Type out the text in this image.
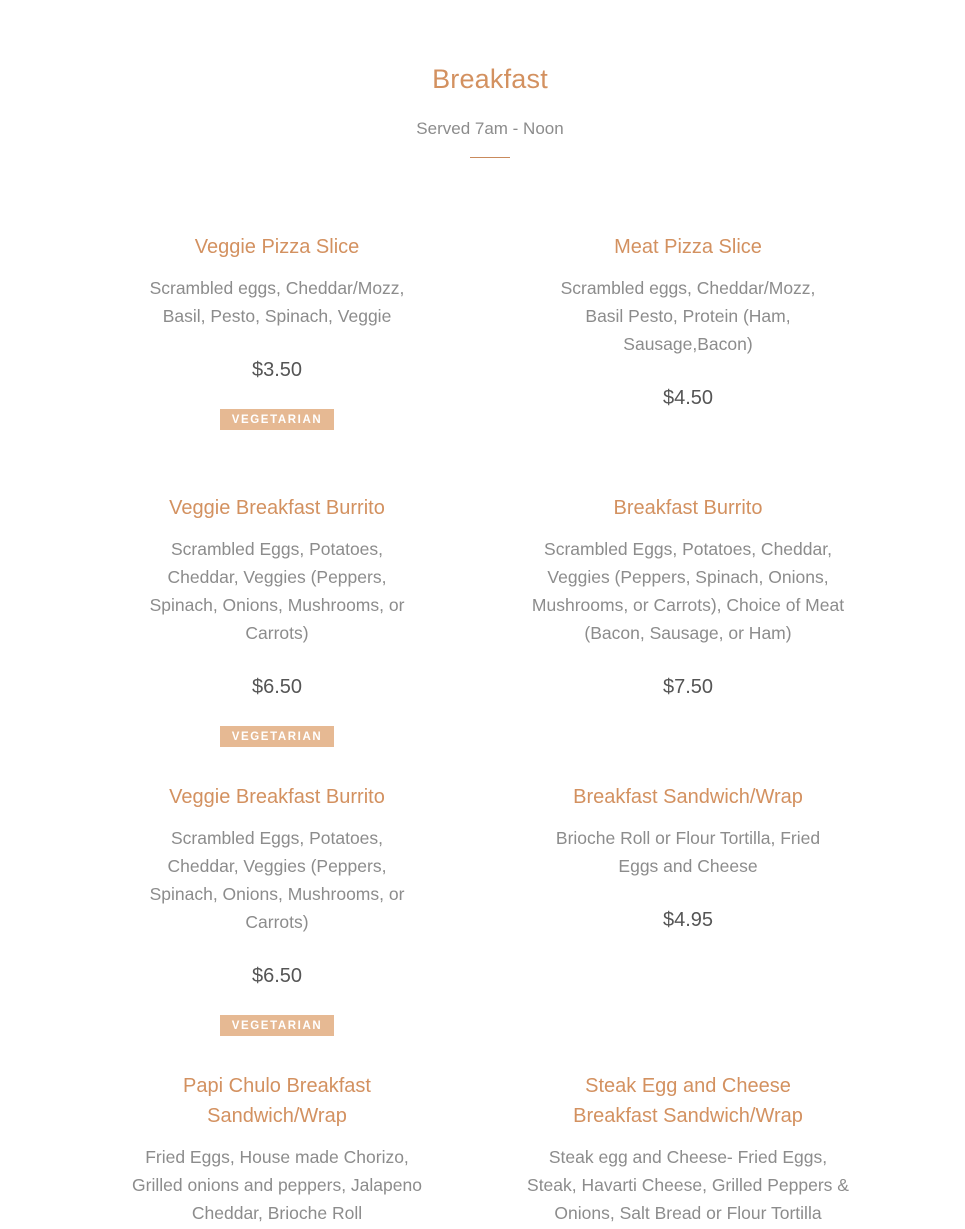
Breakfast
Served 7am - Noon
Veggie Pizza Slice
Scrambled eggs, Cheddar/Mozz, Basil, Pesto, Spinach, Veggie
$3.50
VEGETARIAN
Meat Pizza Slice
Scrambled eggs, Cheddar/Mozz, Basil Pesto, Protein (Ham, Sausage,Bacon)
$4.50
Veggie Breakfast Burrito
Scrambled Eggs, Potatoes, Cheddar, Veggies (Peppers, Spinach, Onions, Mushrooms, or Carrots)
$6.50
VEGETARIAN
Breakfast Burrito
Scrambled Eggs, Potatoes, Cheddar, Veggies (Peppers, Spinach, Onions, Mushrooms, or Carrots), Choice of Meat (Bacon, Sausage, or Ham)
$7.50
Veggie Breakfast Burrito
Scrambled Eggs, Potatoes, Cheddar, Veggies (Peppers, Spinach, Onions, Mushrooms, or Carrots)
$6.50
VEGETARIAN
Breakfast Sandwich/Wrap
Brioche Roll or Flour Tortilla, Fried Eggs and Cheese
$4.95
Papi Chulo Breakfast Sandwich/Wrap
Fried Eggs, House made Chorizo, Grilled onions and peppers, Jalapeno Cheddar, Brioche Roll
Steak Egg and Cheese Breakfast Sandwich/Wrap
Steak egg and Cheese- Fried Eggs, Steak, Havarti Cheese, Grilled Peppers & Onions, Salt Bread or Flour Tortilla
